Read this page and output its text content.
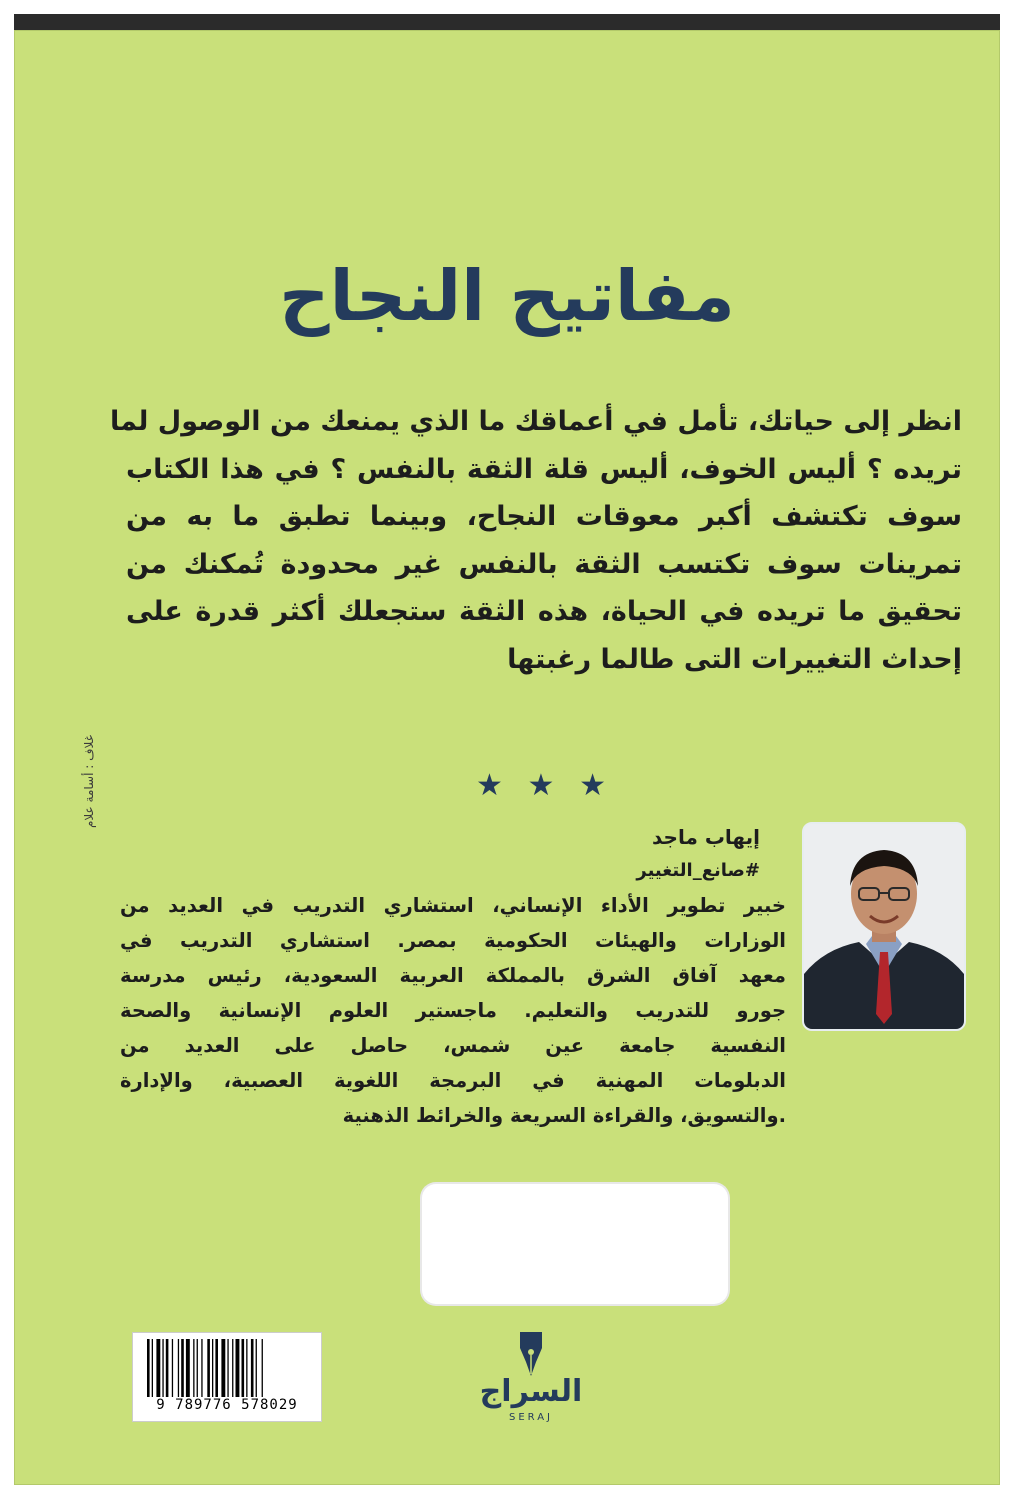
مفاتيح النجاح
انظر إلى حياتك، تأمل في أعماقك ما الذي يمنعك من الوصول لما
تريده ؟ أليس الخوف، أليس قلة الثقة بالنفس ؟ في هذا الكتاب
سوف تكتشف أكبر معوقات النجاح، وبينما تطبق ما به من
تمرينات سوف تكتسب الثقة بالنفس غير محدودة تُمكنك من
تحقيق ما تريده في الحياة، هذه الثقة ستجعلك أكثر قدرة على
إحداث التغييرات التى طالما رغبتها
غلاف : أسامة علام	★ ★ ★
إيهاب ماجد
#صانع_التغيير
خبير تطوير الأداء الإنساني، استشاري التدريب في العديد من
الوزارات والهيئات الحكومية بمصر. استشاري التدريب في
معهد آفاق الشرق بالمملكة العربية السعودية، رئيس مدرسة
جورو للتدريب والتعليم. ماجستير العلوم الإنسانية والصحة
النفسية جامعة عين شمس، حاصل على العديد من
الدبلومات المهنية في البرمجة اللغوية العصبية، والإدارة
.والتسويق، والقراءة السريعة والخرائط الذهنية
9 789776 578029	السراج
SERAJ
